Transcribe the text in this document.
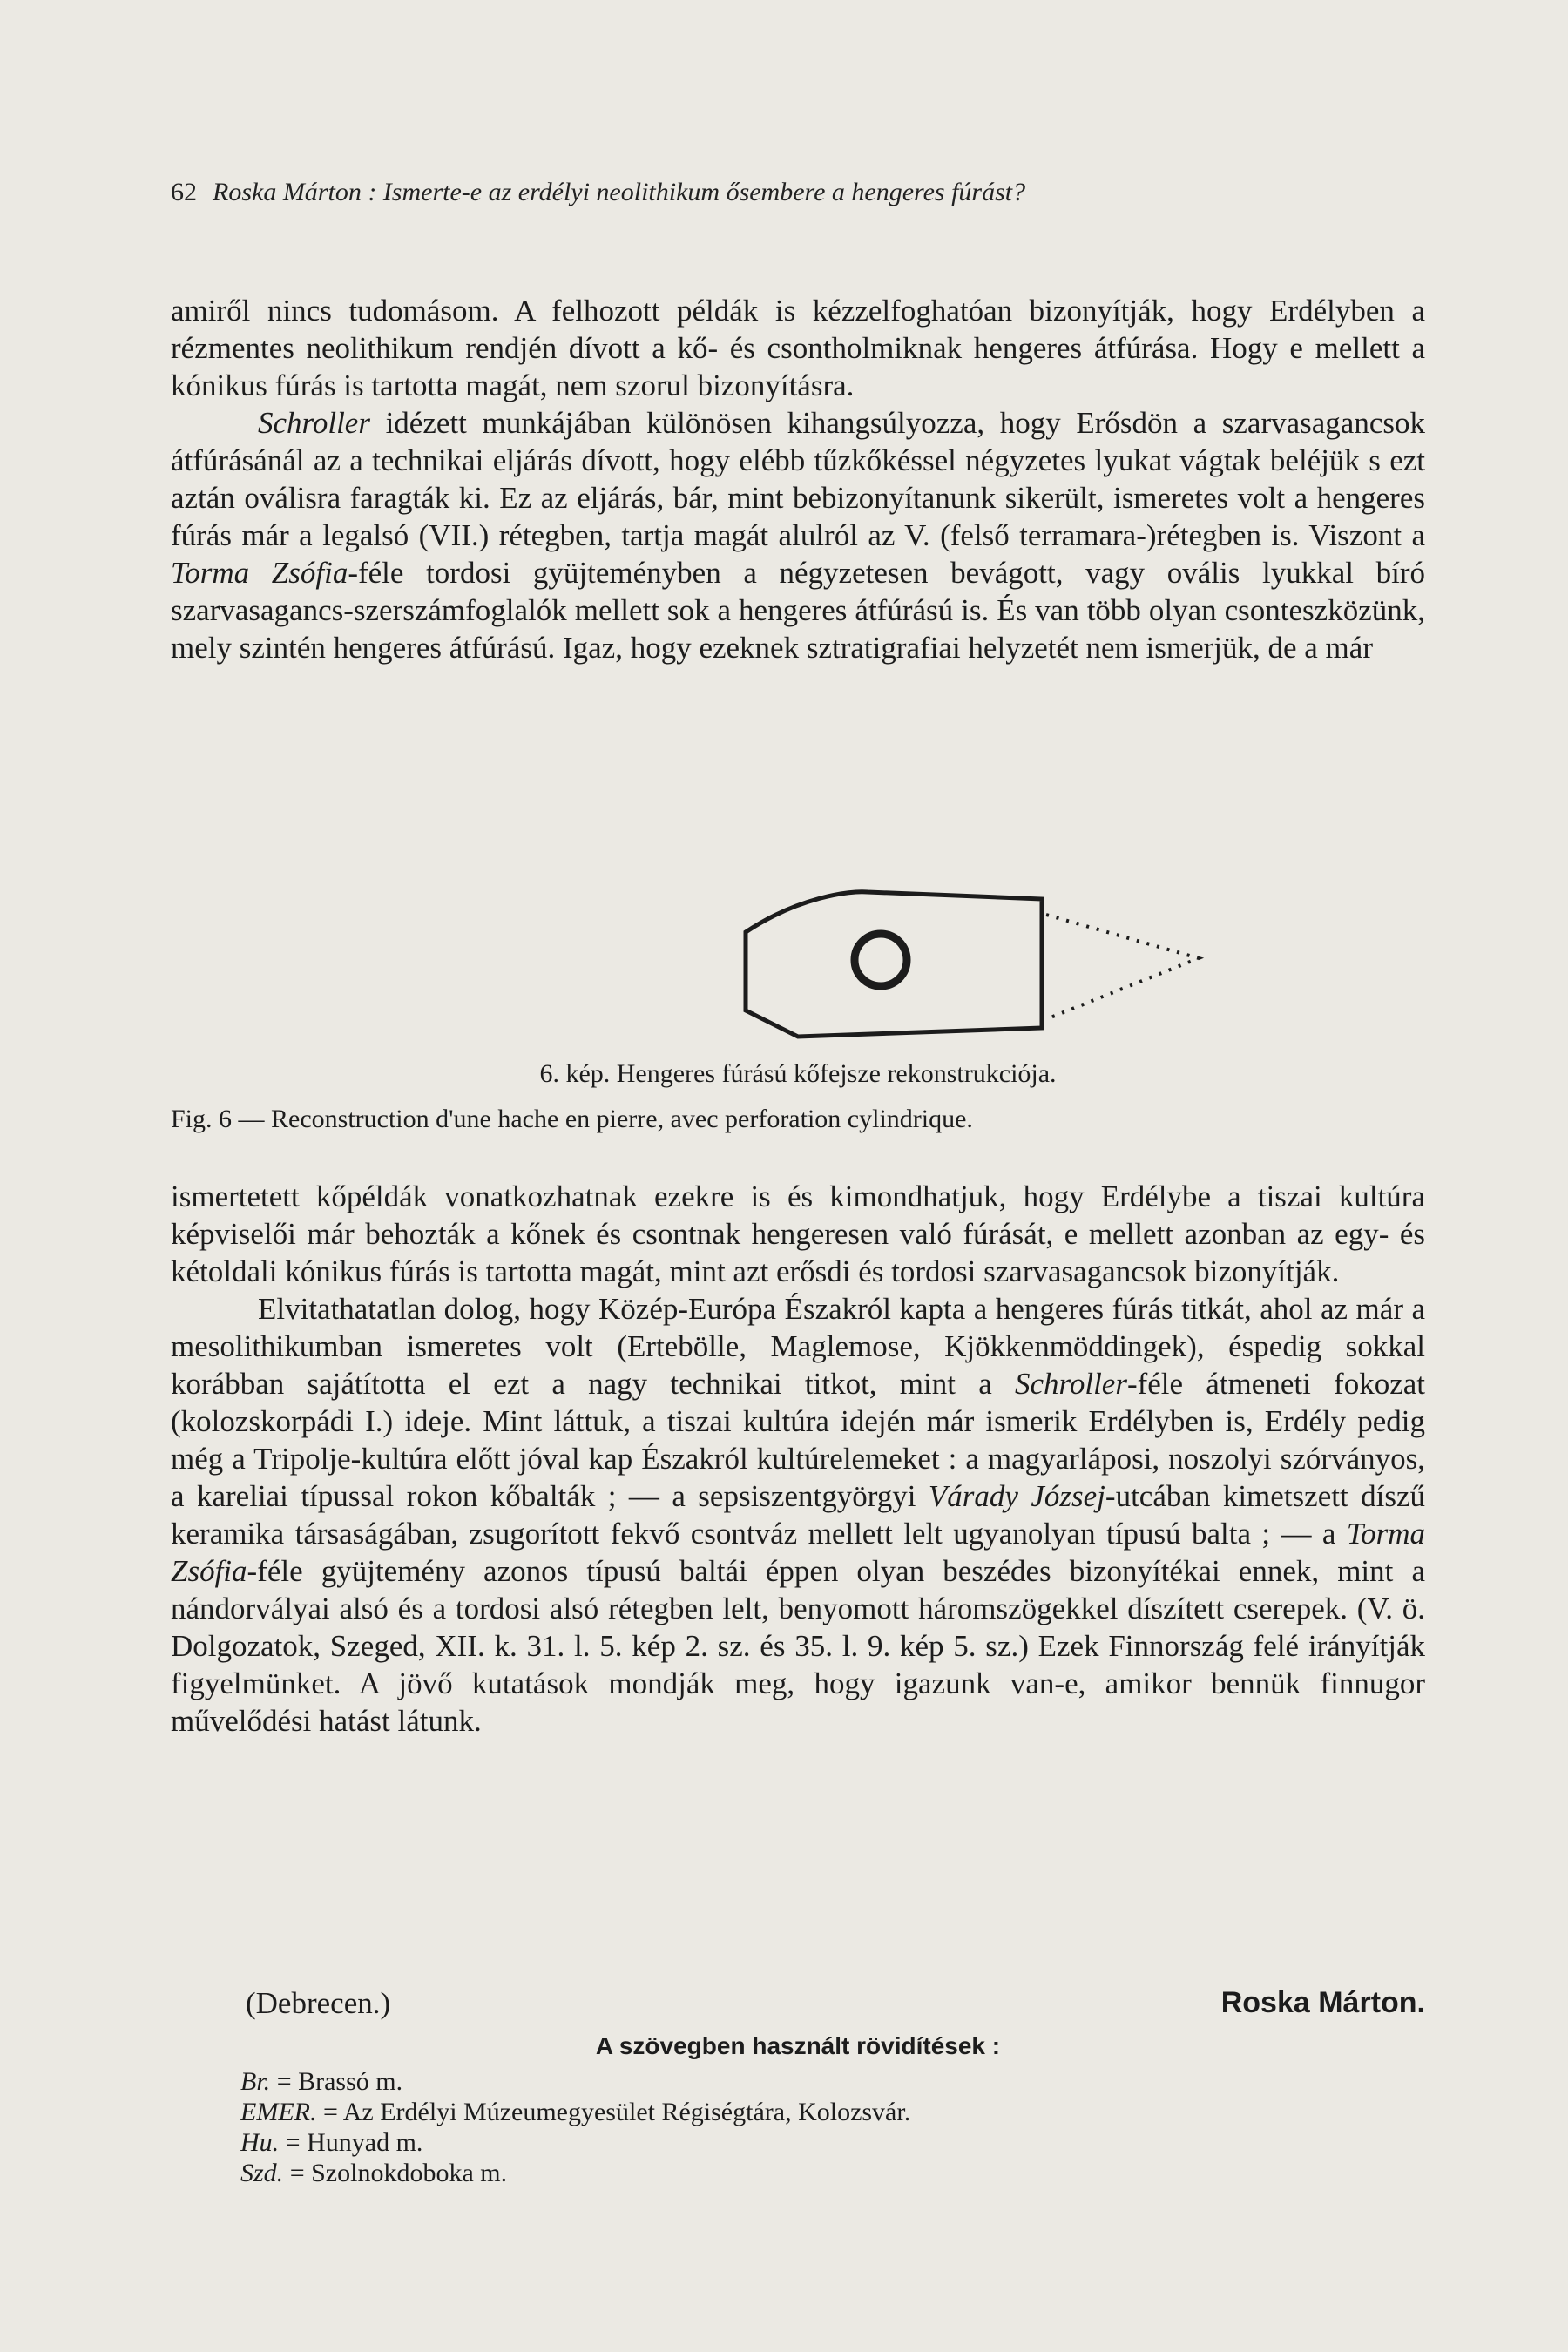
62 Roska Márton : Ismerte-e az erdélyi neolithikum ősembere a hengeres fúrást?

amiről nincs tudomásom. A felhozott példák is kézzelfoghatóan bizonyítják, hogy Erdélyben a rézmentes neolithikum rendjén dívott a kő- és csontholmiknak hengeres átfúrása. Hogy e mellett a kónikus fúrás is tartotta magát, nem szorul bizonyításra.

Schroller idézett munkájában különösen kihangsúlyozza, hogy Erősdön a szarvasagancsok átfúrásánál az a technikai eljárás dívott, hogy elébb tűzkőkéssel négyzetes lyukat vágtak beléjük s ezt aztán oválisra faragták ki. Ez az eljárás, bár, mint bebizonyítanunk sikerült, ismeretes volt a hengeres fúrás már a legalsó (VII.) rétegben, tartja magát alulról az V. (felső terramara-)rétegben is. Viszont a Torma Zsófia-féle tordosi gyüjteményben a négyzetesen bevágott, vagy ovális lyukkal bíró szarvasagancs-szerszámfoglalók mellett sok a hengeres átfúrású is. És van több olyan csonteszközünk, mely szintén hengeres átfúrású. Igaz, hogy ezeknek sztratigrafiai helyzetét nem ismerjük, de a már

6. kép. Hengeres fúrású kőfejsze rekonstrukciója.
Fig. 6 — Reconstruction d'une hache en pierre, avec perforation cylindrique.

ismertetett kőpéldák vonatkozhatnak ezekre is és kimondhatjuk, hogy Erdélybe a tiszai kultúra képviselői már behozták a kőnek és csontnak hengeresen való fúrását, e mellett azonban az egy- és kétoldali kónikus fúrás is tartotta magát, mint azt erősdi és tordosi szarvasagancsok bizonyítják.

Elvitathatatlan dolog, hogy Közép-Európa Északról kapta a hengeres fúrás titkát, ahol az már a mesolithikumban ismeretes volt (Ertebölle, Maglemose, Kjökkenmöddingek), éspedig sokkal korábban sajátította el ezt a nagy technikai titkot, mint a Schroller-féle átmeneti fokozat (kolozskorpádi I.) ideje. Mint láttuk, a tiszai kultúra idején már ismerik Erdélyben is, Erdély pedig még a Tripolje-kultúra előtt jóval kap Északról kultúrelemeket : a magyarláposi, noszolyi szórványos, a kareliai típussal rokon kőbalták ; — a sepsiszentgyörgyi Várady Józsej-utcában kimetszett díszű keramika társaságában, zsugorított fekvő csontváz mellett lelt ugyanolyan típusú balta ; — a Torma Zsófia-féle gyüjtemény azonos típusú baltái éppen olyan beszédes bizonyítékai ennek, mint a nándorvályai alsó és a tordosi alsó rétegben lelt, benyomott háromszögekkel díszített cserepek. (V. ö. Dolgozatok, Szeged, XII. k. 31. l. 5. kép 2. sz. és 35. l. 9. kép 5. sz.) Ezek Finnország felé irányítják figyelmünket. A jövő kutatások mondják meg, hogy igazunk van-e, amikor bennük finnugor művelődési hatást látunk.

(Debrecen.)	Roska Márton.
A szövegben használt rövidítések :
Br. = Brassó m.
EMER. = Az Erdélyi Múzeumegyesület Régiségtára, Kolozsvár.
Hu. = Hunyad m.
Szd. = Szolnokdoboka m.
